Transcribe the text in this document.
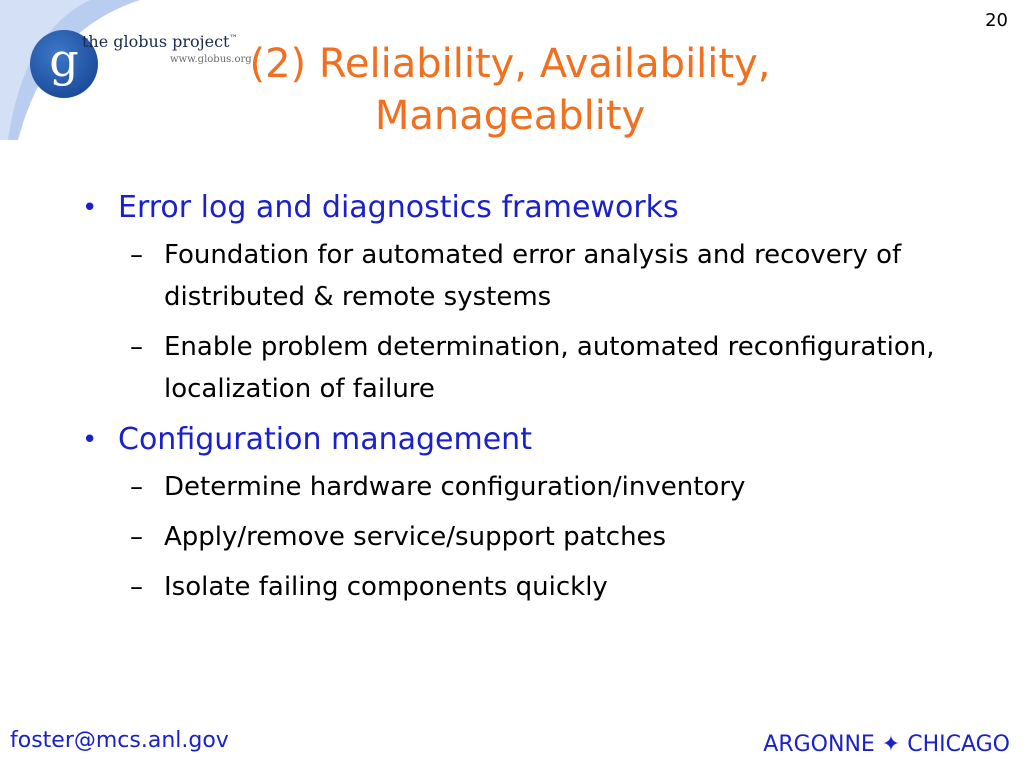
g the globus project™
www.globus.org
20
(2) Reliability, Availability,
Manageablity
• Error log and diagnostics frameworks
– Foundation for automated error analysis and recovery of distributed & remote systems
– Enable problem determination, automated reconfiguration, localization of failure
• Configuration management
– Determine hardware configuration/inventory
– Apply/remove service/support patches
– Isolate failing components quickly
foster@mcs.anl.gov	ARGONNE ✦ CHICAGO
